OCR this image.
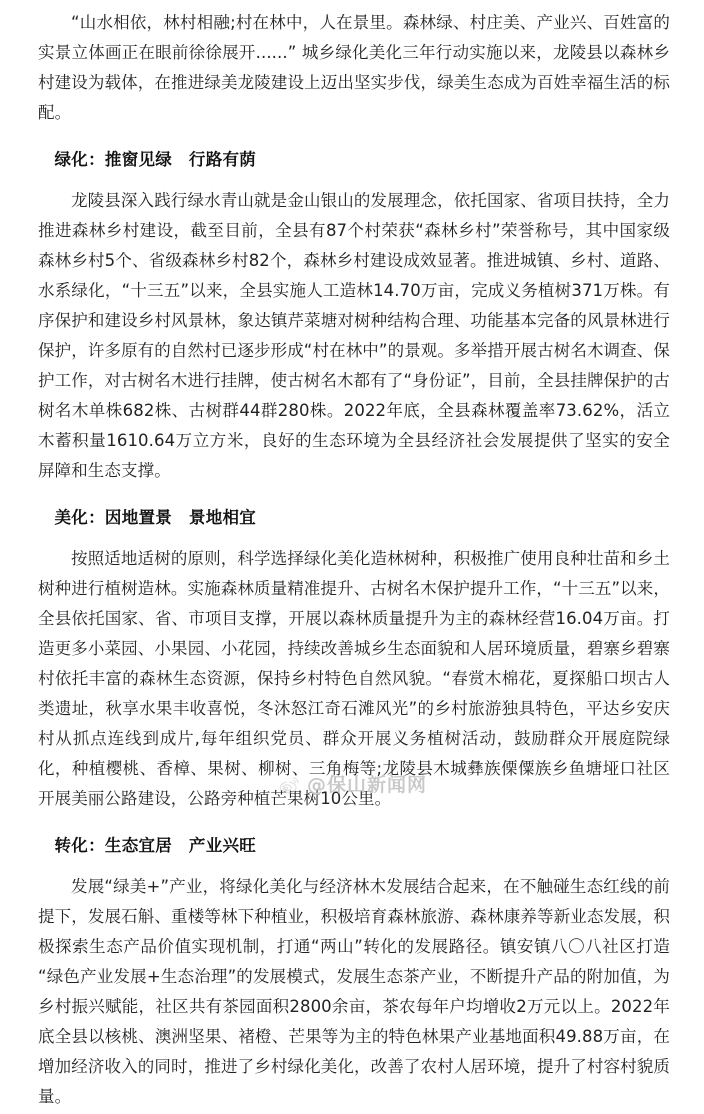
“山水相依，林村相融;村在林中，人在景里。森林绿、村庄美、产业兴、百姓富的实景立体画正在眼前徐徐展开......” 城乡绿化美化三年行动实施以来，龙陵县以森林乡村建设为载体，在推进绿美龙陵建设上迈出坚实步伐，绿美生态成为百姓幸福生活的标配。

绿化：推窗见绿　行路有荫

龙陵县深入践行绿水青山就是金山银山的发展理念，依托国家、省项目扶持，全力推进森林乡村建设，截至目前，全县有87个村荣获“森林乡村”荣誉称号，其中国家级森林乡村5个、省级森林乡村82个，森林乡村建设成效显著。推进城镇、乡村、道路、水系绿化，“十三五”以来，全县实施人工造林14.70万亩，完成义务植树371万株。有序保护和建设乡村风景林，象达镇芹菜塘对树种结构合理、功能基本完备的风景林进行保护，许多原有的自然村已逐步形成“村在林中”的景观。多举措开展古树名木调查、保护工作，对古树名木进行挂牌，使古树名木都有了“身份证”，目前，全县挂牌保护的古树名木单株682株、古树群44群280株。2022年底，全县森林覆盖率73.62%，活立木蓄积量1610.64万立方米，良好的生态环境为全县经济社会发展提供了坚实的安全屏障和生态支撑。

美化：因地置景　景地相宜

按照适地适树的原则，科学选择绿化美化造林树种，积极推广使用良种壮苗和乡土树种进行植树造林。实施森林质量精准提升、古树名木保护提升工作，“十三五”以来，全县依托国家、省、市项目支撑，开展以森林质量提升为主的森林经营16.04万亩。打造更多小菜园、小果园、小花园，持续改善城乡生态面貌和人居环境质量，碧寨乡碧寨村依托丰富的森林生态资源，保持乡村特色自然风貌。“春赏木棉花，夏探船口坝古人类遗址，秋享水果丰收喜悦，冬沐怒江奇石滩风光”的乡村旅游独具特色，平达乡安庆村从抓点连线到成片,每年组织党员、群众开展义务植树活动，鼓励群众开展庭院绿化，种植樱桃、香樟、果树、柳树、三角梅等;龙陵县木城彝族傈僳族乡鱼塘垭口社区开展美丽公路建设，公路旁种植芒果树10公里。

转化：生态宜居　产业兴旺

发展“绿美+”产业，将绿化美化与经济林木发展结合起来，在不触碰生态红线的前提下，发展石斛、重楼等林下种植业，积极培育森林旅游、森林康养等新业态发展，积极探索生态产品价值实现机制，打通“两山”转化的发展路径。镇安镇八〇八社区打造“绿色产业发展+生态治理”的发展模式，发展生态茶产业，不断提升产品的附加值，为乡村振兴赋能，社区共有茶园面积2800余亩，茶农每年户均增收2万元以上。2022年底全县以核桃、澳洲坚果、褚橙、芒果等为主的特色林果产业基地面积49.88万亩，在增加经济收入的同时，推进了乡村绿化美化，改善了农村人居环境，提升了村容村貌质量。

@保山新闻网
